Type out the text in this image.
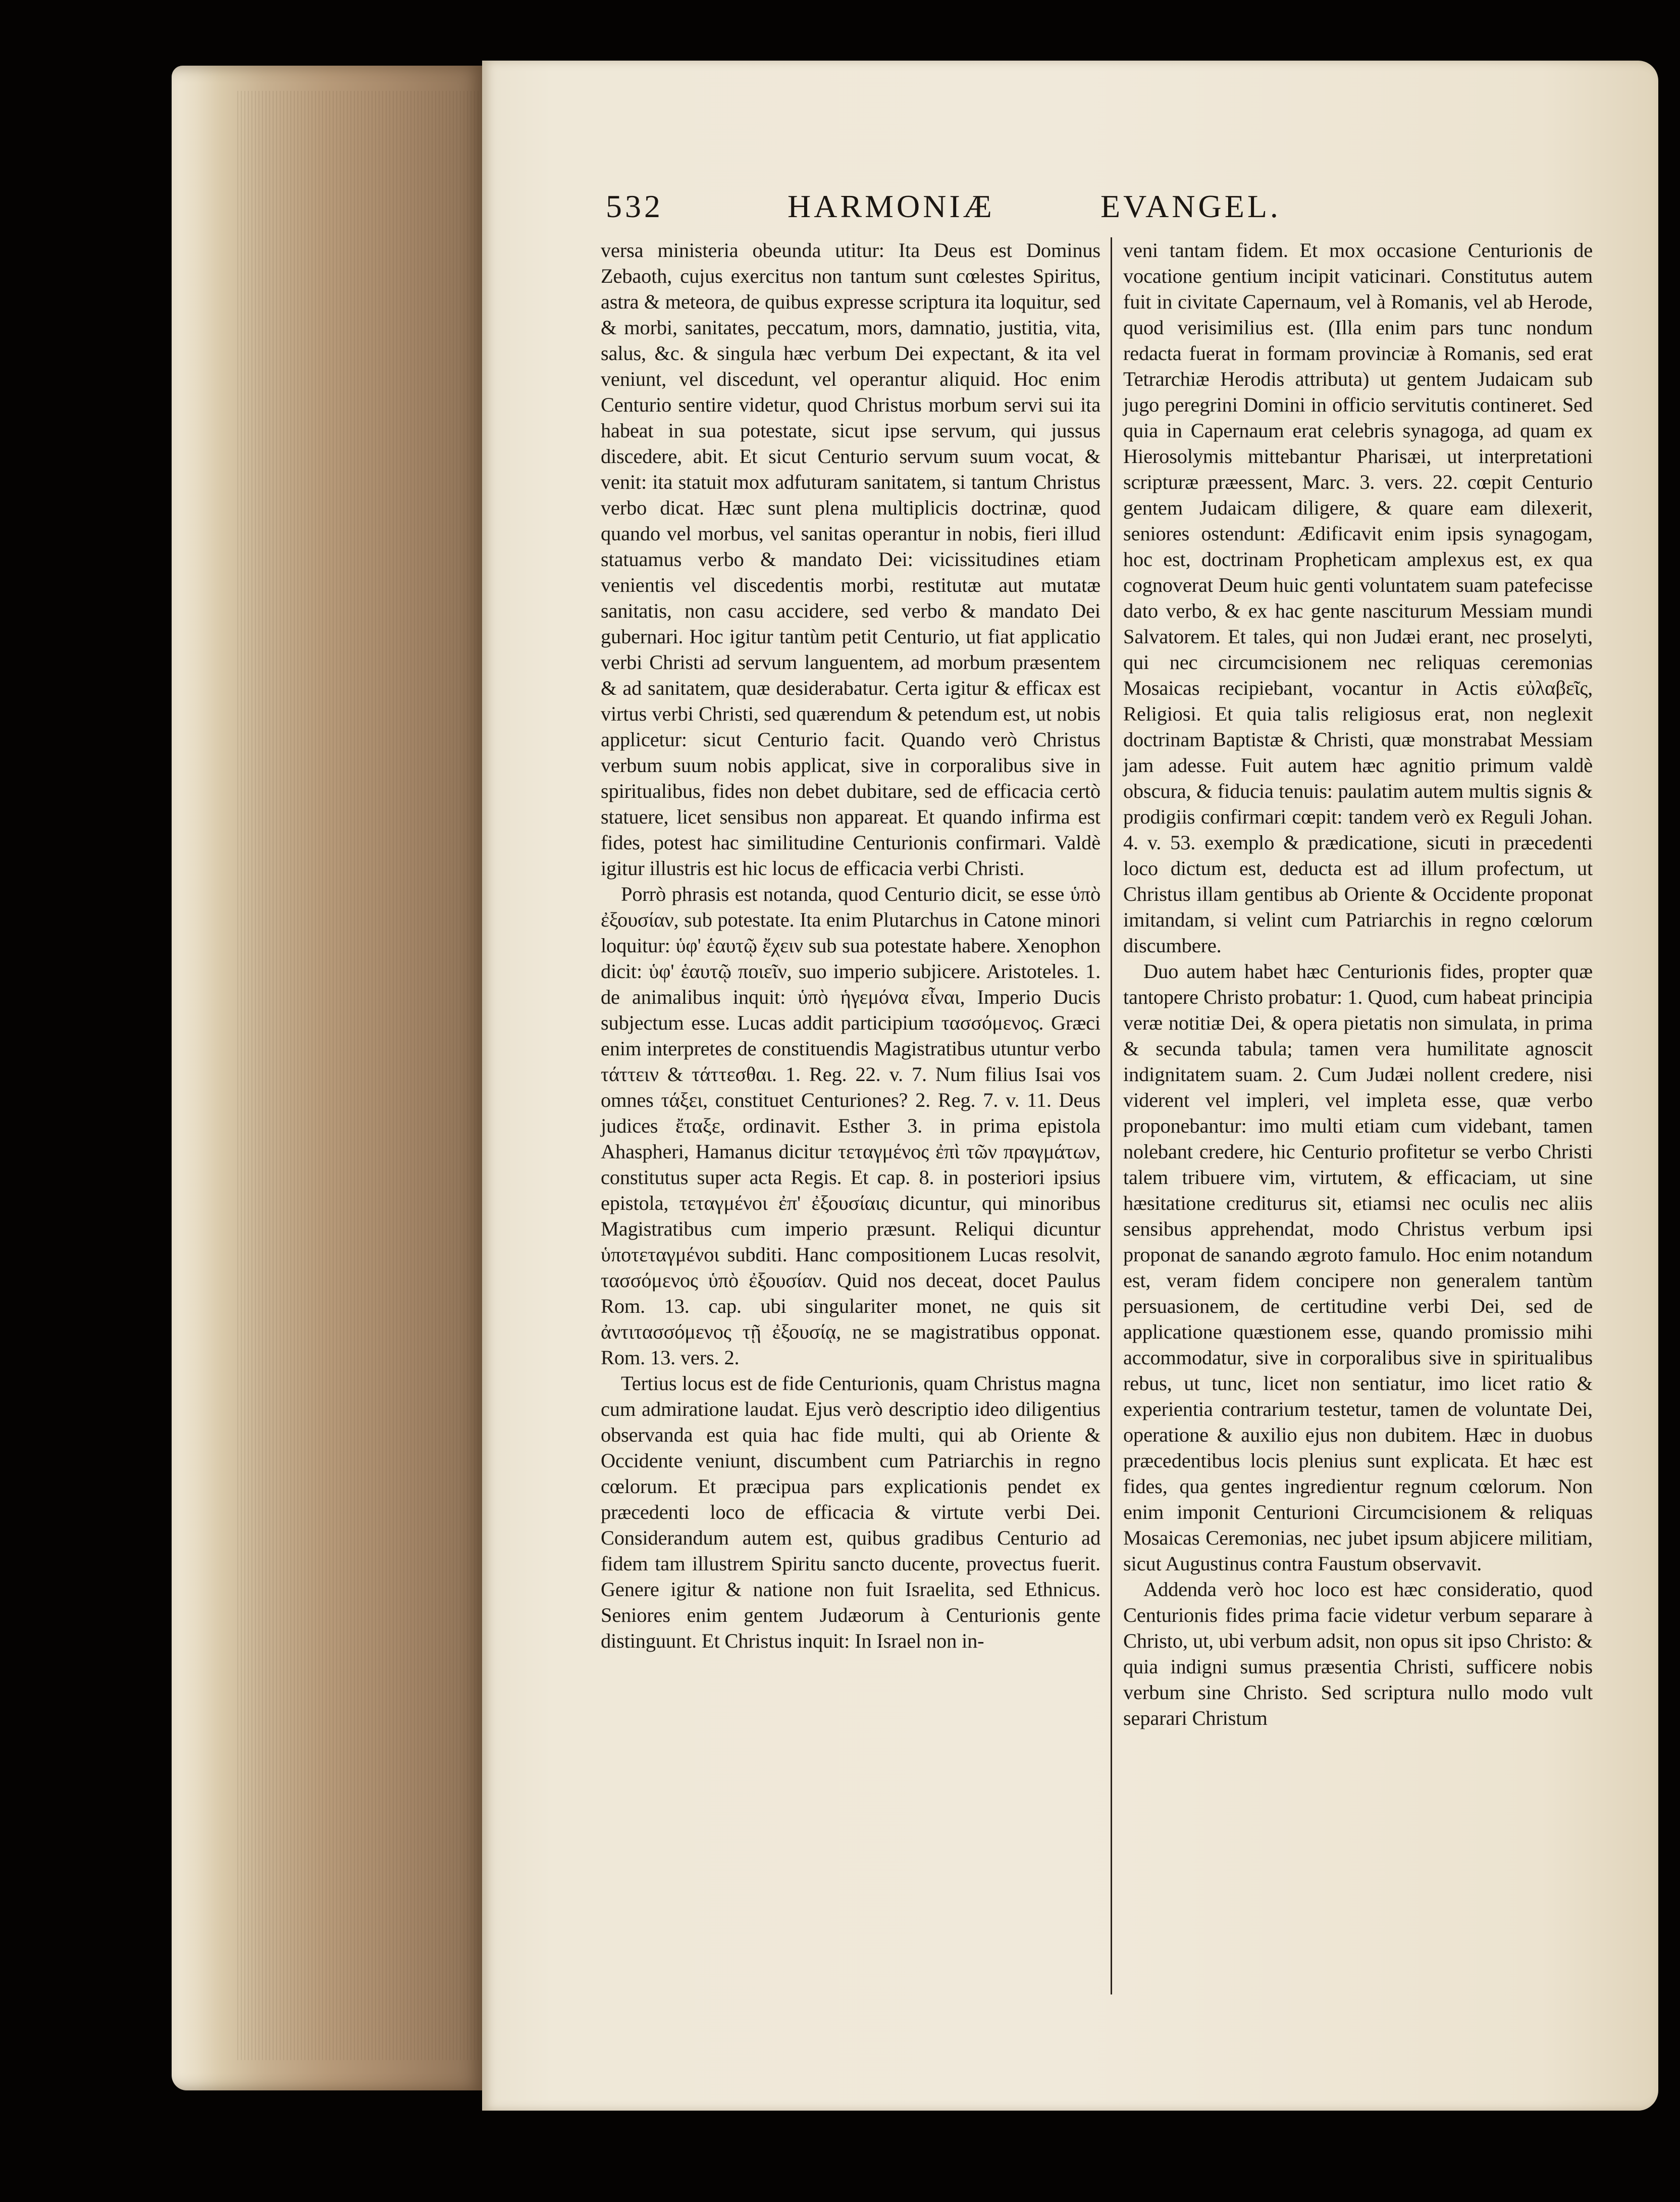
532	HARMONIÆ	EVANGEL.

versa ministeria obeunda utitur: Ita Deus est Dominus Zebaoth, cujus exercitus non tantum sunt cœlestes Spiritus, astra & meteora, de quibus expresse scriptura ita loquitur, sed & morbi, sanitates, peccatum, mors, damnatio, justitia, vita, salus, &c. & singula hæc verbum Dei expectant, & ita vel veniunt, vel discedunt, vel operantur aliquid. Hoc enim Centurio sentire videtur, quod Christus morbum servi sui ita habeat in sua potestate, sicut ipse servum, qui jussus discedere, abit. Et sicut Centurio servum suum vocat, & venit: ita statuit mox adfuturam sanitatem, si tantum Christus verbo dicat. Hæc sunt plena multiplicis doctrinæ, quod quando vel morbus, vel sanitas operantur in nobis, fieri illud statuamus verbo & mandato Dei: vicissitudines etiam venientis vel discedentis morbi, restitutæ aut mutatæ sanitatis, non casu accidere, sed verbo & mandato Dei gubernari. Hoc igitur tantùm petit Centurio, ut fiat applicatio verbi Christi ad servum languentem, ad morbum præsentem & ad sanitatem, quæ desiderabatur. Certa igitur & efficax est virtus verbi Christi, sed quærendum & petendum est, ut nobis applicetur: sicut Centurio facit. Quando verò Christus verbum suum nobis applicat, sive in corporalibus sive in spiritualibus, fides non debet dubitare, sed de efficacia certò statuere, licet sensibus non appareat. Et quando infirma est fides, potest hac similitudine Centurionis confirmari. Valdè igitur illustris est hic locus de efficacia verbi Christi.

Porrò phrasis est notanda, quod Centurio dicit, se esse ὑπὸ ἐξουσίαν, sub potestate. Ita enim Plutarchus in Catone minori loquitur: ὑφ' ἑαυτῷ ἔχειν sub sua potestate habere. Xenophon dicit: ὑφ' ἑαυτῷ ποιεῖν, suo imperio subjicere. Aristoteles. 1. de animalibus inquit: ὑπὸ ἡγεμόνα εἶναι, Imperio Ducis subjectum esse. Lucas addit participium τασσόμενος. Græci enim interpretes de constituendis Magistratibus utuntur verbo τάττειν & τάττεσθαι. 1. Reg. 22. v. 7. Num filius Isai vos omnes τάξει, constituet Centuriones? 2. Reg. 7. v. 11. Deus judices ἔταξε, ordinavit. Esther 3. in prima epistola Ahaspheri, Hamanus dicitur τεταγμένος ἐπὶ τῶν πραγμάτων, constitutus super acta Regis. Et cap. 8. in posteriori ipsius epistola, τεταγμένοι ἐπ' ἐξουσίαις dicuntur, qui minoribus Magistratibus cum imperio præsunt. Reliqui dicuntur ὑποτεταγμένοι subditi. Hanc compositionem Lucas resolvit, τασσόμενος ὑπὸ ἐξουσίαν. Quid nos deceat, docet Paulus Rom. 13. cap. ubi singulariter monet, ne quis sit ἀντιτασσόμενος τῇ ἐξουσίᾳ, ne se magistratibus opponat. Rom. 13. vers. 2.

Tertius locus est de fide Centurionis, quam Christus magna cum admiratione laudat. Ejus verò descriptio ideo diligentius observanda est quia hac fide multi, qui ab Oriente & Occidente veniunt, discumbent cum Patriarchis in regno cœlorum. Et præcipua pars explicationis pendet ex præcedenti loco de efficacia & virtute verbi Dei. Considerandum autem est, quibus gradibus Centurio ad fidem tam illustrem Spiritu sancto ducente, provectus fuerit. Genere igitur & natione non fuit Israelita, sed Ethnicus. Seniores enim gentem Judæorum à Centurionis gente distinguunt. Et Christus inquit: In Israel non in-

veni tantam fidem. Et mox occasione Centurionis de vocatione gentium incipit vaticinari. Constitutus autem fuit in civitate Capernaum, vel à Romanis, vel ab Herode, quod verisimilius est. (Illa enim pars tunc nondum redacta fuerat in formam provinciæ à Romanis, sed erat Tetrarchiæ Herodis attributa) ut gentem Judaicam sub jugo peregrini Domini in officio servitutis contineret. Sed quia in Capernaum erat celebris synagoga, ad quam ex Hierosolymis mittebantur Pharisæi, ut interpretationi scripturæ præessent, Marc. 3. vers. 22. cœpit Centurio gentem Judaicam diligere, & quare eam dilexerit, seniores ostendunt: Ædificavit enim ipsis synagogam, hoc est, doctrinam Propheticam amplexus est, ex qua cognoverat Deum huic genti voluntatem suam patefecisse dato verbo, & ex hac gente nasciturum Messiam mundi Salvatorem. Et tales, qui non Judæi erant, nec proselyti, qui nec circumcisionem nec reliquas ceremonias Mosaicas recipiebant, vocantur in Actis εὐλαβεῖς, Religiosi. Et quia talis religiosus erat, non neglexit doctrinam Baptistæ & Christi, quæ monstrabat Messiam jam adesse. Fuit autem hæc agnitio primum valdè obscura, & fiducia tenuis: paulatim autem multis signis & prodigiis confirmari cœpit: tandem verò ex Reguli Johan. 4. v. 53. exemplo & prædicatione, sicuti in præcedenti loco dictum est, deducta est ad illum profectum, ut Christus illam gentibus ab Oriente & Occidente proponat imitandam, si velint cum Patriarchis in regno cœlorum discumbere.

Duo autem habet hæc Centurionis fides, propter quæ tantopere Christo probatur: 1. Quod, cum habeat principia veræ notitiæ Dei, & opera pietatis non simulata, in prima & secunda tabula; tamen vera humilitate agnoscit indignitatem suam. 2. Cum Judæi nollent credere, nisi viderent vel impleri, vel impleta esse, quæ verbo proponebantur: imo multi etiam cum videbant, tamen nolebant credere, hic Centurio profitetur se verbo Christi talem tribuere vim, virtutem, & efficaciam, ut sine hæsitatione crediturus sit, etiamsi nec oculis nec aliis sensibus apprehendat, modo Christus verbum ipsi proponat de sanando ægroto famulo. Hoc enim notandum est, veram fidem concipere non generalem tantùm persuasionem, de certitudine verbi Dei, sed de applicatione quæstionem esse, quando promissio mihi accommodatur, sive in corporalibus sive in spiritualibus rebus, ut tunc, licet non sentiatur, imo licet ratio & experientia contrarium testetur, tamen de voluntate Dei, operatione & auxilio ejus non dubitem. Hæc in duobus præcedentibus locis plenius sunt explicata. Et hæc est fides, qua gentes ingredientur regnum cœlorum. Non enim imponit Centurioni Circumcisionem & reliquas Mosaicas Ceremonias, nec jubet ipsum abjicere militiam, sicut Augustinus contra Faustum observavit.

Addenda verò hoc loco est hæc consideratio, quod Centurionis fides prima facie videtur verbum separare à Christo, ut, ubi verbum adsit, non opus sit ipso Christo: & quia indigni sumus præsentia Christi, sufficere nobis verbum sine Christo. Sed scriptura nullo modo vult separari Christum
